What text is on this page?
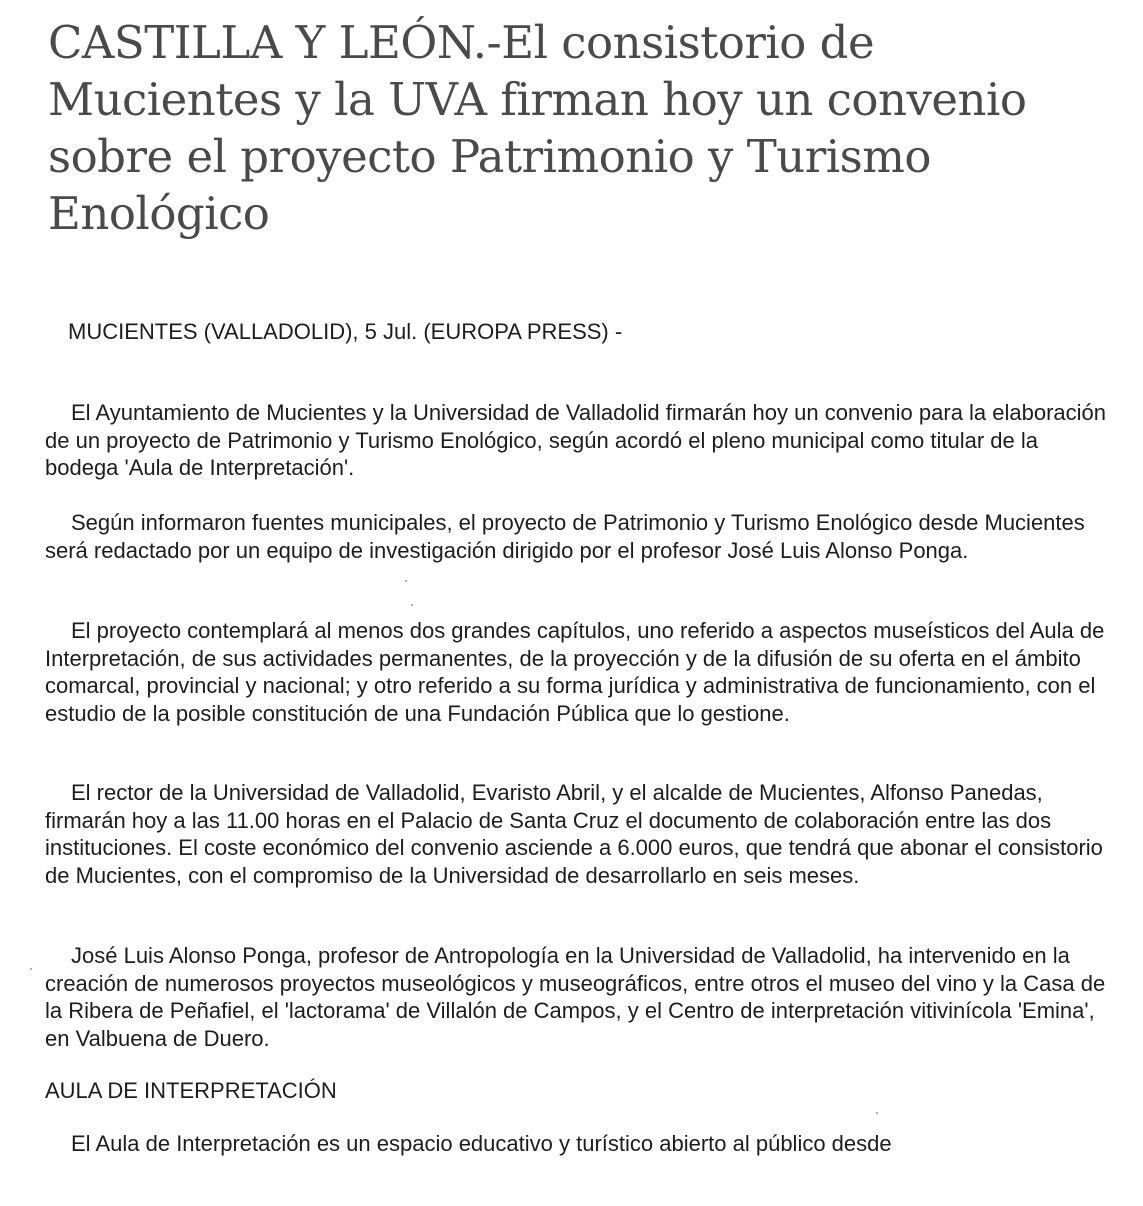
CASTILLA Y LEÓN.-El consistorio de Mucientes y la UVA firman hoy un convenio sobre el proyecto Patrimonio y Turismo Enológico

MUCIENTES (VALLADOLID), 5 Jul. (EUROPA PRESS) -

El Ayuntamiento de Mucientes y la Universidad de Valladolid firmarán hoy un convenio para la elaboración de un proyecto de Patrimonio y Turismo Enológico, según acordó el pleno municipal como titular de la bodega 'Aula de Interpretación'.

Según informaron fuentes municipales, el proyecto de Patrimonio y Turismo Enológico desde Mucientes será redactado por un equipo de investigación dirigido por el profesor José Luis Alonso Ponga.

El proyecto contemplará al menos dos grandes capítulos, uno referido a aspectos museísticos del Aula de Interpretación, de sus actividades permanentes, de la proyección y de la difusión de su oferta en el ámbito comarcal, provincial y nacional; y otro referido a su forma jurídica y administrativa de funcionamiento, con el estudio de la posible constitución de una Fundación Pública que lo gestione.

El rector de la Universidad de Valladolid, Evaristo Abril, y el alcalde de Mucientes, Alfonso Panedas, firmarán hoy a las 11.00 horas en el Palacio de Santa Cruz el documento de colaboración entre las dos instituciones. El coste económico del convenio asciende a 6.000 euros, que tendrá que abonar el consistorio de Mucientes, con el compromiso de la Universidad de desarrollarlo en seis meses.

José Luis Alonso Ponga, profesor de Antropología en la Universidad de Valladolid, ha intervenido en la creación de numerosos proyectos museológicos y museográficos, entre otros el museo del vino y la Casa de la Ribera de Peñafiel, el 'lactorama' de Villalón de Campos, y el Centro de interpretación vitivinícola 'Emina', en Valbuena de Duero.

AULA DE INTERPRETACIÓN

El Aula de Interpretación es un espacio educativo y turístico abierto al público desde
